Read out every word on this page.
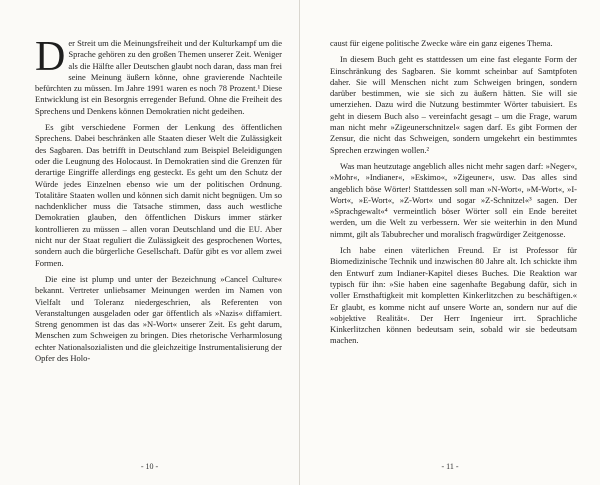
Der Streit um die Meinungsfreiheit und der Kulturkampf um die Sprache gehören zu den großen Themen unserer Zeit. Weniger als die Hälfte aller Deutschen glaubt noch daran, dass man frei seine Meinung äußern könne, ohne gravierende Nachteile befürchten zu müssen. Im Jahre 1991 waren es noch 78 Prozent.¹ Diese Entwicklung ist ein Besorgnis erregender Befund. Ohne die Freiheit des Sprechens und Denkens können Demokratien nicht gedeihen.

Es gibt verschiedene Formen der Lenkung des öffentlichen Sprechens. Dabei beschränken alle Staaten dieser Welt die Zulässigkeit des Sagbaren. Das betrifft in Deutschland zum Beispiel Beleidigungen oder die Leugnung des Holocaust. In Demokratien sind die Grenzen für derartige Eingriffe allerdings eng gesteckt. Es geht um den Schutz der Würde jedes Einzelnen ebenso wie um der politischen Ordnung. Totalitäre Staaten wollen und können sich damit nicht begnügen. Um so nachdenklicher muss die Tatsache stimmen, dass auch westliche Demokratien glauben, den öffentlichen Diskurs immer stärker kontrollieren zu müssen – allen voran Deutschland und die EU. Aber nicht nur der Staat reguliert die Zulässigkeit des gesprochenen Wortes, sondern auch die bürgerliche Gesellschaft. Dafür gibt es vor allem zwei Formen.

Die eine ist plump und unter der Bezeichnung »Cancel Culture« bekannt. Vertreter unliebsamer Meinungen werden im Namen von Vielfalt und Toleranz niedergeschrien, als Referenten von Veranstaltungen ausgeladen oder gar öffentlich als »Nazis« diffamiert. Streng genommen ist das das »N-Wort« unserer Zeit. Es geht darum, Menschen zum Schweigen zu bringen. Dies rhetorische Verharmlosung echter Nationalsozialisten und die gleichzeitige Instrumentalisierung der Opfer des Holo-

- 10 -

caust für eigene politische Zwecke wäre ein ganz eigenes Thema.

In diesem Buch geht es stattdessen um eine fast elegante Form der Einschränkung des Sagbaren. Sie kommt scheinbar auf Samtpfoten daher. Sie will Menschen nicht zum Schweigen bringen, sondern darüber bestimmen, wie sie sich zu äußern hätten. Sie will sie umerziehen. Dazu wird die Nutzung bestimmter Wörter tabuisiert. Es geht in diesem Buch also – vereinfacht gesagt – um die Frage, warum man nicht mehr »Zigeunerschnitzel« sagen darf. Es gibt Formen der Zensur, die nicht das Schweigen, sondern umgekehrt ein bestimmtes Sprechen erzwingen wollen.²

Was man heutzutage angeblich alles nicht mehr sagen darf: »Neger«, »Mohr«, »Indianer«, »Eskimo«, »Zigeuner«, usw. Das alles sind angeblich böse Wörter! Stattdessen soll man »N-Wort«, »M-Wort«, »I-Wort«, »E-Wort«, »Z-Wort« und sogar »Z-Schnitzel«³ sagen. Der »Sprachgewalt«⁴ vermeintlich böser Wörter soll ein Ende bereitet werden, um die Welt zu verbessern. Wer sie weiterhin in den Mund nimmt, gilt als Tabubrecher und moralisch fragwürdiger Zeitgenosse.

Ich habe einen väterlichen Freund. Er ist Professor für Biomedizinische Technik und inzwischen 80 Jahre alt. Ich schickte ihm den Entwurf zum Indianer-Kapitel dieses Buches. Die Reaktion war typisch für ihn: »Sie haben eine sagenhafte Begabung dafür, sich in voller Ernsthaftigkeit mit kompletten Kinkerlitzchen zu beschäftigen.« Er glaubt, es komme nicht auf unsere Worte an, sondern nur auf die »objektive Realität«. Der Herr Ingenieur irrt. Sprachliche Kinkerlitzchen können bedeutsam sein, sobald wir sie bedeutsam machen.

- 11 -
